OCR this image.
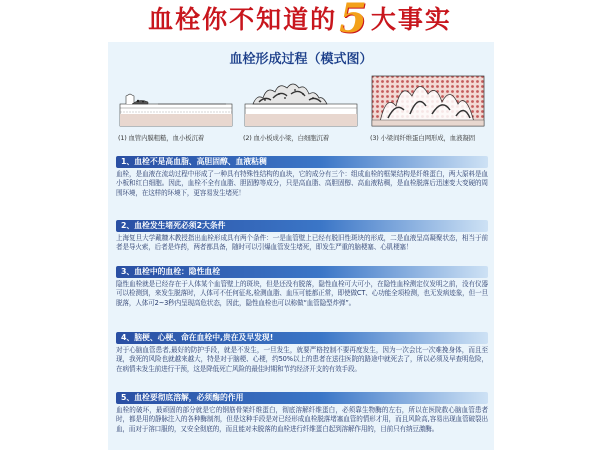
血栓你不知道的5大事实
血栓形成过程（模式图）
(1) 血管内膜粗糙，血小板沉着	(2) 血小板成小梁，白细胞沉着	(3) 小梁间纤维蛋白网形成，血液凝固
1、血栓不是高血脂、高胆固醇、血液粘稠
血栓，是血液在流动过程中形成了一种具有特殊性结构的血块，它的成分有三个：组成血栓的框架结构是纤维蛋白，两大原料是血小板和红白细胞。因此，血栓不全有血脂、胆固醇等成分，只是高血脂、高胆固醇、高血液粘稠，是血栓脱落后迅速变大变硬的周围环境，在这样的环境下，更容易发生堵死！
2、血栓发生堵死必须2大条件
上海复旦大学戴糠木教授指出血栓形成具有两个条件：一是血管壁上已经有脱旧性斑块的形成，二是血液呈高凝聚状态，相当于前者是导火索，后者是炸药，两者都具备，随时可以引爆血管发生堵死，即发生严重的脑梗塞、心肌梗塞！
3、血栓中的血栓：隐性血栓
隐性血栓就是已经存在于人体某个血管壁上的斑块，但是还没有脱落，隐性血栓可大可小，在隐性血栓测定仪发明之前，没有仪器可以检测到，来发生脱落时，人体可不任何征兆,检测血脂、血压可能都正常，即使做CT、心功能全项检测，也无发病迹象，但一旦脱落，人体可2~3秒内呈现高危状态，因此，隐性血栓也可以称做“血管隐型炸弹”。
4、脑梗、心梗、命在血栓中,贵在及早发现!
对于心脑血管患者,最好的防护手段，就是不发生，一旦发生，就要严格控制不要再度发生，因为一次会比一次难挽身体，而且至现，我死的风险也就越来越大，特是对于脑梗、心梗，约50%以上的患者在送往医院的路途中就死去了，所以必须及早查明危险，在病情未发生前进行干预，这是降低死亡风险的最佳时期和节约经济开支的有效手段。
5、血栓要彻底溶解，必须酶的作用
血栓的破坏，最顽固的部分就是它的钢筋骨架纤维蛋白，彻底溶解纤维蛋白，必须靠生物酶的左右，所以在医院救心脑血管患者时，都是用的静脉注入的各种酶制剂，但是这种手段是对已经形成血栓脱落堵塞血管的情形才用，而且风险高,容易出现血管破裂出血，而对于溶口服的，又安全彻底的，而且能对未脱落的血栓进行纤维蛋白起到溶解作用的，目前只有纳豆激酶。
